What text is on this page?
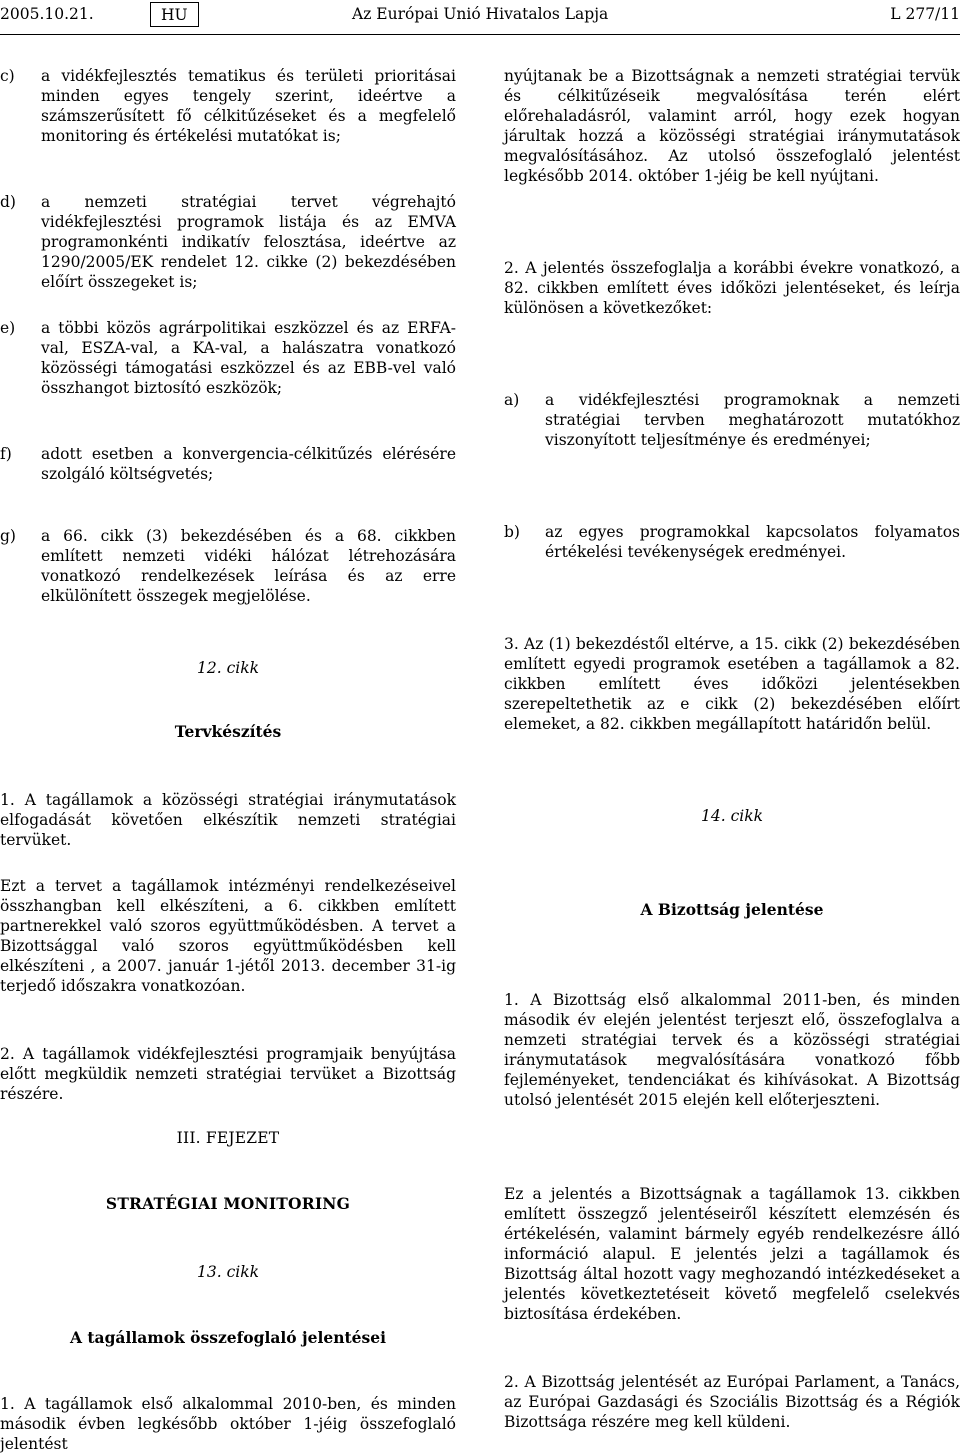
2005.10.21.	HU	Az Európai Unió Hivatalos Lapja	L 277/11
c)	a vidékfejlesztés tematikus és területi prioritásai minden egyes tengely szerint, ideértve a számszerűsített fő célkitűzéseket és a megfelelő monitoring és értékelési mutatókat is;
d)	a nemzeti stratégiai tervet végrehajtó vidékfejlesztési programok listája és az EMVA programonkénti indikatív felosztása, ideértve az 1290/2005/EK rendelet 12. cikke (2) bekezdésében előírt összegeket is;
e)	a többi közös agrárpolitikai eszközzel és az ERFA-val, ESZA-val, a KA-val, a halászatra vonatkozó közösségi támogatási eszközzel és az EBB-vel való összhangot biztosító eszközök;
f)	adott esetben a konvergencia-célkitűzés elérésére szolgáló költségvetés;
g)	a 66. cikk (3) bekezdésében és a 68. cikkben említett nemzeti vidéki hálózat létrehozására vonatkozó rendelkezések leírása és az erre elkülönített összegek megjelölése.
12. cikk
Tervkészítés
1. A tagállamok a közösségi stratégiai iránymutatások elfogadását követően elkészítik nemzeti stratégiai tervüket.
Ezt a tervet a tagállamok intézményi rendelkezéseivel összhangban kell elkészíteni, a 6. cikkben említett partnerekkel való szoros együttműködésben. A tervet a Bizottsággal való szoros együttműködésben kell elkészíteni , a 2007. január 1-jétől 2013. december 31-ig terjedő időszakra vonatkozóan.
2. A tagállamok vidékfejlesztési programjaik benyújtása előtt megküldik nemzeti stratégiai tervüket a Bizottság részére.
III. FEJEZET
STRATÉGIAI MONITORING
13. cikk
A tagállamok összefoglaló jelentései
1. A tagállamok első alkalommal 2010-ben, és minden második évben legkésőbb október 1-jéig összefoglaló jelentést
nyújtanak be a Bizottságnak a nemzeti stratégiai tervük és célkitűzéseik megvalósítása terén elért előrehaladásról, valamint arról, hogy ezek hogyan járultak hozzá a közösségi stratégiai iránymutatások megvalósításához. Az utolsó összefoglaló jelentést legkésőbb 2014. október 1-jéig be kell nyújtani.
2. A jelentés összefoglalja a korábbi évekre vonatkozó, a 82. cikkben említett éves időközi jelentéseket, és leírja különösen a következőket:
a)	a vidékfejlesztési programoknak a nemzeti stratégiai tervben meghatározott mutatókhoz viszonyított teljesítménye és eredményei;
b)	az egyes programokkal kapcsolatos folyamatos értékelési tevékenységek eredményei.
3. Az (1) bekezdéstől eltérve, a 15. cikk (2) bekezdésében említett egyedi programok esetében a tagállamok a 82. cikkben említett éves időközi jelentésekben szerepeltethetik az e cikk (2) bekezdésében előírt elemeket, a 82. cikkben megállapított határidőn belül.
14. cikk
A Bizottság jelentése
1. A Bizottság első alkalommal 2011-ben, és minden második év elején jelentést terjeszt elő, összefoglalva a nemzeti stratégiai tervek és a közösségi stratégiai iránymutatások megvalósítására vonatkozó főbb fejleményeket, tendenciákat és kihívásokat. A Bizottság utolsó jelentését 2015 elején kell előterjeszteni.
Ez a jelentés a Bizottságnak a tagállamok 13. cikkben említett összegző jelentéseiről készített elemzésén és értékelésén, valamint bármely egyéb rendelkezésre álló információ alapul. E jelentés jelzi a tagállamok és Bizottság által hozott vagy meghozandó intézkedéseket a jelentés következtetéseit követő megfelelő cselekvés biztosítása érdekében.
2. A Bizottság jelentését az Európai Parlament, a Tanács, az Európai Gazdasági és Szociális Bizottság és a Régiók Bizottsága részére meg kell küldeni.
